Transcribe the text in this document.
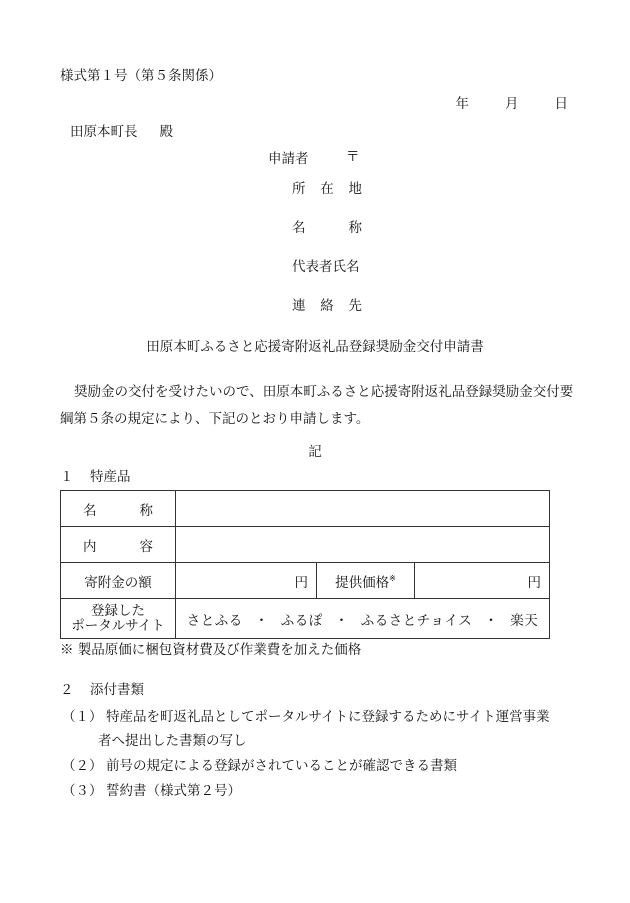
様式第１号（第５条関係）
年	月	日
田原本町長 殿
申請者	〒
所在地
名称
代表者氏名
連絡先
田原本町ふるさと応援寄附返礼品登録奨励金交付申請書

奨励金の交付を受けたいので、田原本町ふるさと応援寄附返礼品登録奨励金交付要

綱第５条の規定により、下記のとおり申請します。

記
１ 特産品
名称			
内容			
寄附金の額	円	提供価格※	円
登録した
ポータルサイト	さとふる ・ ふるぽ ・ ふるさとチョイス ・ 楽天		
※ 製品原価に梱包資材費及び作業費を加えた価格
２ 添付書類
（１） 特産品を町返礼品としてポータルサイトに登録するためにサイト運営事業
者へ提出した書類の写し
（２） 前号の規定による登録がされていることが確認できる書類
（３） 誓約書（様式第２号）
